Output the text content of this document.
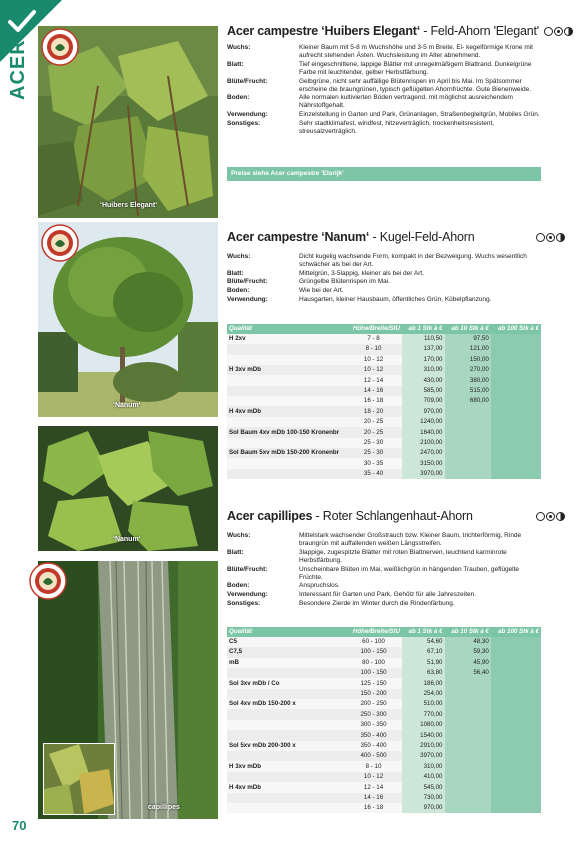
ACER
‘Huibers Elegant‘
‘Nanum‘
‘Nanum‘
capillipes
Acer campestre ‘Huibers Elegant‘ - Feld-Ahorn 'Elegant'
Wuchs:	Kleiner Baum mit 5-8 m Wuchshöhe und 3-5 m Breite. Ei- kegelförmige Krone mit aufrecht stehenden Ästen. Wuchsleistung im Alter abnehmend.
Blatt:	Tief eingeschnittene, lappige Blätter mit unregelmäßigem Blattrand. Dunkelgrüne Farbe mit leuchtender, gelber Herbstfärbung.
Blüte/Frucht:	Gelbgrüne, nicht sehr auffällige Blütenrispen im April bis Mai. Im Spätsommer erscheine die braungrünen, typisch geflügelten Ahornfrüchte. Gute Bienenweide.
Boden:	Alle normalen kultivierten Böden vertragend, mit möglichst ausreichendem Nährstoffgehalt.
Verwendung:	Einzelstellung in Garten und Park, Grünanlagen, Straßenbegleitgrün, Mobiles Grün.
Sonstiges:	Sehr stadtklimafest, windfest, hitzeverträglich, trockenheitsresistent, streusalzverträglich.
Preise siehe Acer campestre 'Elsrijk'
Acer campestre ‘Nanum‘ - Kugel-Feld-Ahorn
Wuchs:	Dicht kugelig wachsende Form, kompakt in der Bezweigung. Wuchs wesentlich schwächer als bei der Art.
Blatt:	Mittelgrün, 3-5lappig, kleiner als bei der Art.
Blüte/Frucht:	Grüngelbe Blütenrispen im Mai.
Boden:	Wie bei der Art.
Verwendung:	Hausgarten, kleiner Hausbaum, öffentliches Grün, Kübelpflanzung.
Qualität	Höhe/Breite/StU	ab 1 Stk à €	ab 10 Stk à €	ab 100 Stk à €
H 2xv	7 - 8	110,50	97,50	
	8 - 10	137,00	121,00	
	10 - 12	170,00	150,00	
H 3xv mDb	10 - 12	310,00	270,00	
	12 - 14	430,00	380,00	
	14 - 16	585,00	515,00	
	16 - 18	709,00	680,00	
H 4xv mDb	18 - 20	970,00		
	20 - 25	1240,00		
Sol Baum 4xv mDb 100-150 Kronenbr	20 - 25	1640,00		
	25 - 30	2100,00		
Sol Baum 5xv mDb 150-200 Kronenbr	25 - 30	2470,00		
	30 - 35	3150,00		
	35 - 40	3970,00		
Acer capillipes - Roter Schlangenhaut-Ahorn
Wuchs:	Mittelstark wachsender Großstrauch bzw. Kleiner Baum, trichterförmig, Rinde braungrün mit auffallenden weißen Längsstreifen.
Blatt:	3lappige, zugespitzte Blätter mit roten Blattnerven, leuchtend karminrote Herbstfärbung.
Blüte/Frucht:	Unscheinbare Blüten im Mai, weißlichgrün in hängenden Trauben, geflügelte Früchte.
Boden:	Anspruchslos.
Verwendung:	Interessant für Garten und Park, Gehölz für alle Jahreszeiten.
Sonstiges:	Besondere Zierde im Winter durch die Rindenfärbung.
Qualität	Höhe/Breite/StU	ab 1 Stk à €	ab 10 Stk à €	ab 100 Stk à €
C5	60 - 100	54,60	48,30	
C7,5	100 - 150	67,10	59,30	
mB	80 - 100	51,90	45,90	
	100 - 150	63,80	56,40	
Sol 3xv mDb / Co	125 - 150	186,00		
	150 - 200	254,00		
Sol 4xv mDb 150-200 x	200 - 250	510,00		
	250 - 300	770,00		
	300 - 350	1080,00		
	350 - 400	1540,00		
Sol 5xv mDb 200-300 x	350 - 400	2910,00		
	400 - 500	3970,00		
H 3xv mDb	8 - 10	310,00		
	10 - 12	410,00		
H 4xv mDb	12 - 14	545,00		
	14 - 16	730,00		
	16 - 18	970,00		
70
